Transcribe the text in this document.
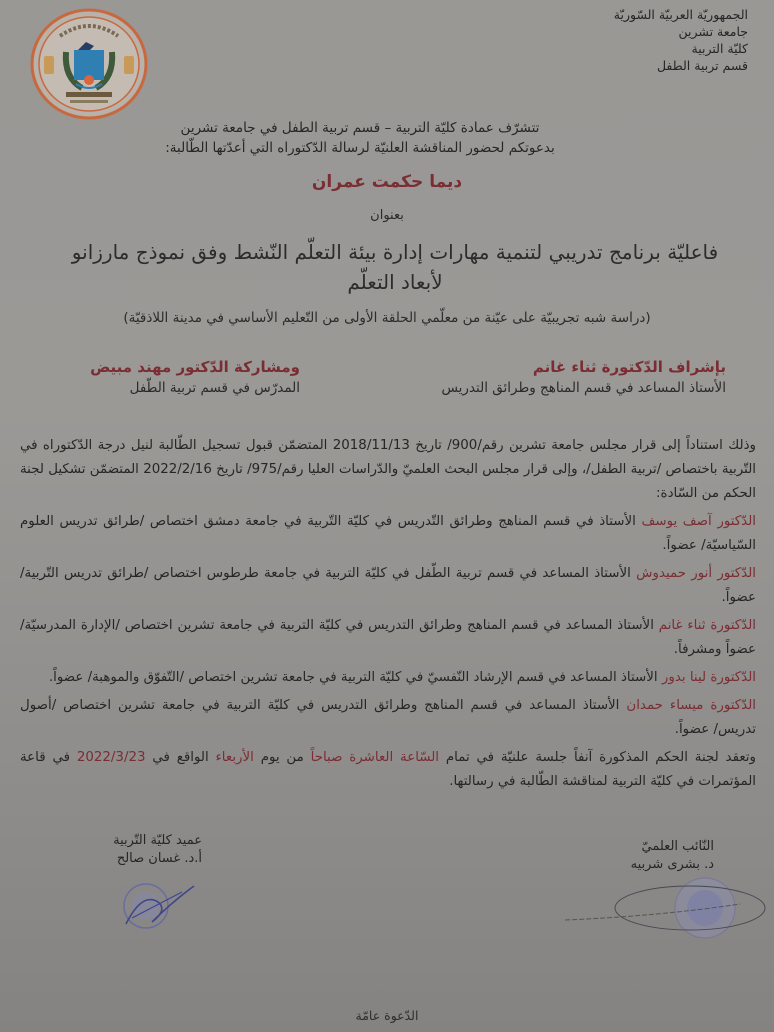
الجمهوريّة العربيّة السّوريّة
جامعة تشرين
كليّة التربية
قسم تربية الطفل
تتشرّف عمادة كليّة التربية – قسم تربية الطفل في جامعة تشرين
بدعوتكم لحضور المناقشة العلنيّة لرسالة الدّكتوراه التي أعدّتها الطّالبة:
ديما حكمت عمران
بعنوان
فاعليّة برنامج تدريبي لتنمية مهارات إدارة بيئة التعلّم النّشط وفق نموذج مارزانو
لأبعاد التعلّم
(دراسة شبه تجريبيّة على عيّنة من معلّمي الحلقة الأولى من التّعليم الأساسي في مدينة اللاذقيّة)
بإشراف الدّكتورة ثناء غانم
الأستاذ المساعد في قسم المناهج وطرائق التدريس
ومشاركة الدّكتور مهند مبيض
المدرّس في قسم تربية الطّفل

وذلك استناداً إلى قرار مجلس جامعة تشرين رقم/900/ تاريخ 2018/11/13 المتضمّن قبول تسجيل الطّالبة لنيل درجة الدّكتوراه في التّربية باختصاص /تربية الطفل/، وإلى قرار مجلس البحث العلميّ والدّراسات العليا رقم/975/ تاريخ 2022/2/16 المتضمّن تشكيل لجنة الحكم من السّادة:

الدّكتور آصف يوسف الأستاذ في قسم المناهج وطرائق التّدريس في كليّة التّربية في جامعة دمشق اختصاص /طرائق تدريس العلوم السّياسيّة/ عضواً.

الدّكتور أنور حميدوش الأستاذ المساعد في قسم تربية الطّفل في كليّة التربية في جامعة طرطوس اختصاص /طرائق تدريس التّربية/ عضواً.

الدّكتورة ثناء غانم الأستاذ المساعد في قسم المناهج وطرائق التدريس في كليّة التربية في جامعة تشرين اختصاص /الإدارة المدرسيّة/ عضواً ومشرفاً.

الدّكتورة لينا بدور الأستاذ المساعد في قسم الإرشاد النّفسيّ في كليّة التربية في جامعة تشرين اختصاص /التّفوّق والموهبة/ عضواً.

الدّكتورة ميساء حمدان الأستاذ المساعد في قسم المناهج وطرائق التدريس في كليّة التربية في جامعة تشرين اختصاص /أصول تدريس/ عضواً.

وتعقد لجنة الحكم المذكورة آنفاً جلسة علنيّة في تمام السّاعة العاشرة صباحاً من يوم الأربعاء الواقع في 2022/3/23 في قاعة المؤتمرات في كليّة التربية لمناقشة الطّالبة في رسالتها.

عميد كليّة التّربية
أ.د. غسان صالح
النّائب العلميّ
د. بشرى شربيه
الدّعوة عامّة
